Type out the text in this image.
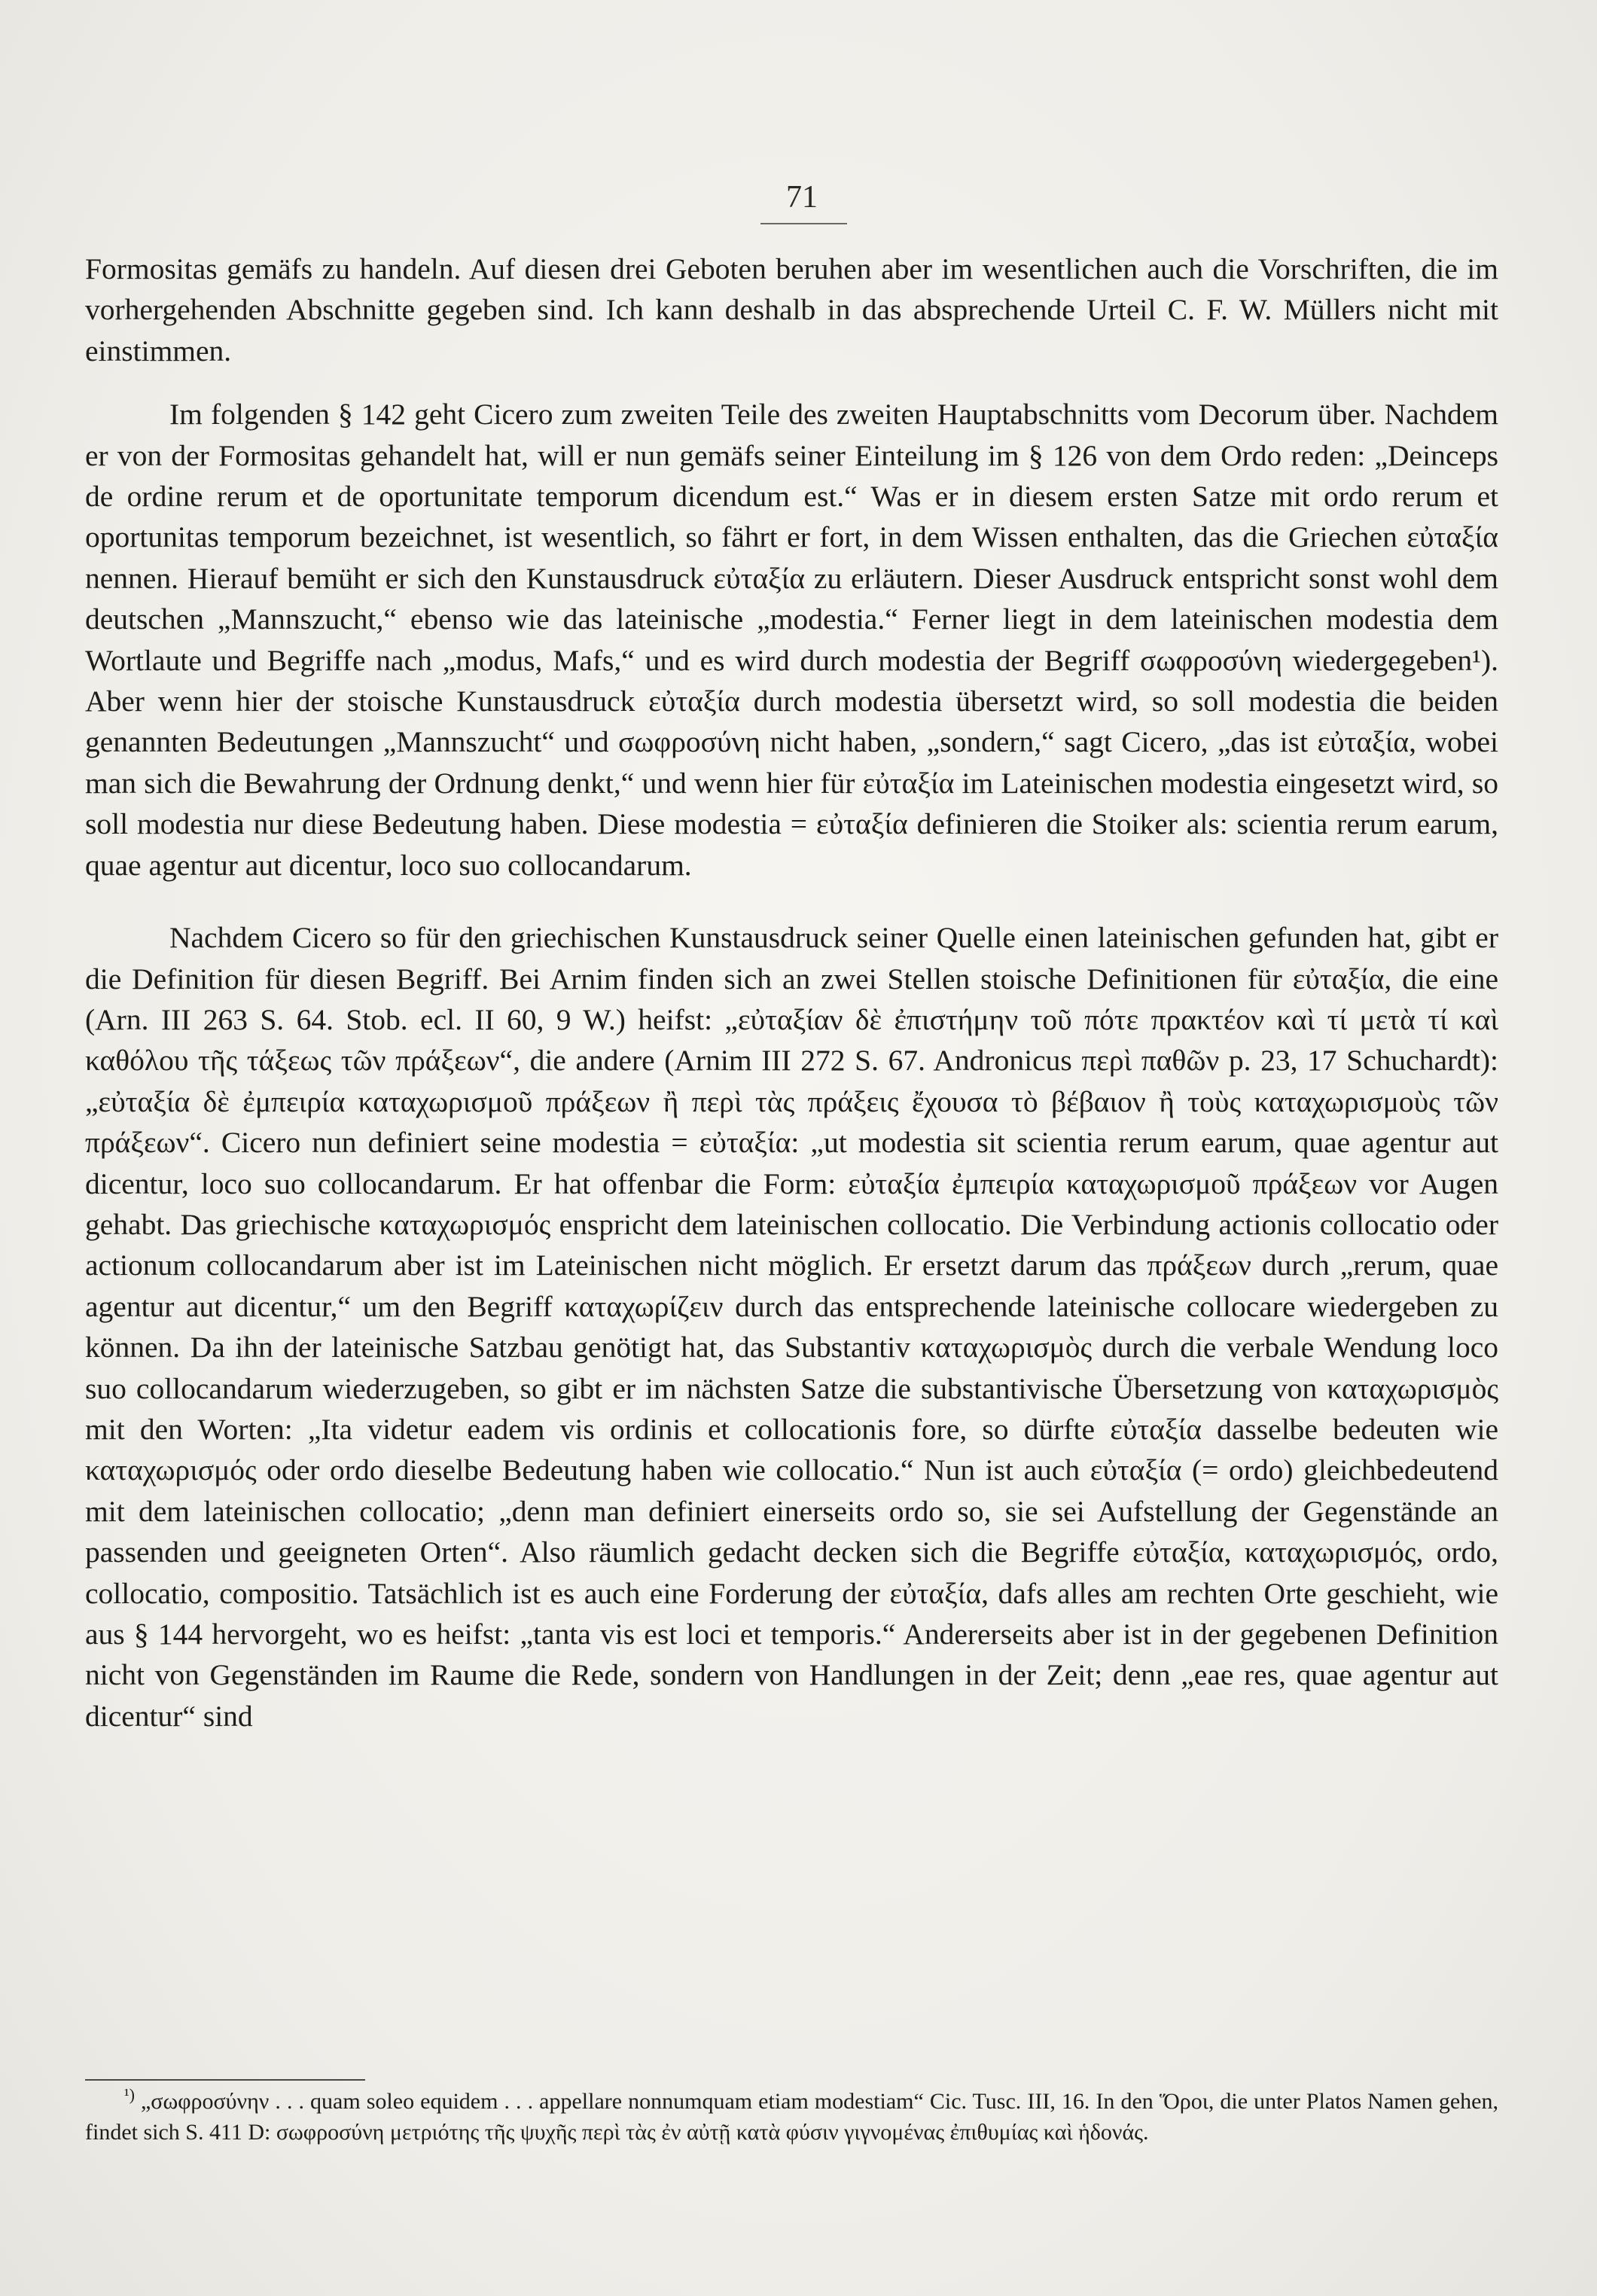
71

Formositas gemäfs zu handeln. Auf diesen drei Geboten beruhen aber im wesentlichen auch die Vorschriften, die im vorhergehenden Abschnitte gegeben sind. Ich kann deshalb in das absprechende Urteil C. F. W. Müllers nicht mit einstimmen.

Im folgenden § 142 geht Cicero zum zweiten Teile des zweiten Hauptabschnitts vom Decorum über. Nachdem er von der Formositas gehandelt hat, will er nun gemäfs seiner Einteilung im § 126 von dem Ordo reden: „Deinceps de ordine rerum et de oportunitate temporum dicendum est.“ Was er in diesem ersten Satze mit ordo rerum et oportunitas temporum bezeichnet, ist wesentlich, so fährt er fort, in dem Wissen enthalten, das die Griechen εὐταξία nennen. Hierauf bemüht er sich den Kunstausdruck εὐταξία zu erläutern. Dieser Ausdruck entspricht sonst wohl dem deutschen „Mannszucht,“ ebenso wie das lateinische „modestia.“ Ferner liegt in dem lateinischen modestia dem Wortlaute und Begriffe nach „modus, Mafs,“ und es wird durch modestia der Begriff σωφροσύνη wiedergegeben¹). Aber wenn hier der stoische Kunstausdruck εὐταξία durch modestia übersetzt wird, so soll modestia die beiden genannten Bedeutungen „Mannszucht“ und σωφροσύνη nicht haben, „sondern,“ sagt Cicero, „das ist εὐταξία, wobei man sich die Bewahrung der Ordnung denkt,“ und wenn hier für εὐταξία im Lateinischen modestia eingesetzt wird, so soll modestia nur diese Bedeutung haben. Diese modestia = εὐταξία definieren die Stoiker als: scientia rerum earum, quae agentur aut dicentur, loco suo collocandarum.

Nachdem Cicero so für den griechischen Kunstausdruck seiner Quelle einen lateinischen gefunden hat, gibt er die Definition für diesen Begriff. Bei Arnim finden sich an zwei Stellen stoische Definitionen für εὐταξία, die eine (Arn. III 263 S. 64. Stob. ecl. II 60, 9 W.) heifst: „εὐταξίαν δὲ ἐπιστήμην τοῦ πότε πρακτέον καὶ τί μετὰ τί καὶ καθόλου τῆς τάξεως τῶν πράξεων“, die andere (Arnim III 272 S. 67. Andronicus περὶ παθῶν p. 23, 17 Schuchardt): „εὐταξία δὲ ἐμπειρία καταχωρισμοῦ πράξεων ἢ περὶ τὰς πράξεις ἔχουσα τὸ βέβαιον ἢ τοὺς καταχωρισμοὺς τῶν πράξεων“. Cicero nun definiert seine modestia = εὐταξία: „ut modestia sit scientia rerum earum, quae agentur aut dicentur, loco suo collocandarum. Er hat offenbar die Form: εὐταξία ἐμπειρία καταχωρισμοῦ πράξεων vor Augen gehabt. Das griechische καταχωρισμός enspricht dem lateinischen collocatio. Die Verbindung actionis collocatio oder actionum collocandarum aber ist im Lateinischen nicht möglich. Er ersetzt darum das πράξεων durch „rerum, quae agentur aut dicentur,“ um den Begriff καταχωρίζειν durch das entsprechende lateinische collocare wiedergeben zu können. Da ihn der lateinische Satzbau genötigt hat, das Substantiv καταχωρισμὸς durch die verbale Wendung loco suo collocandarum wiederzugeben, so gibt er im nächsten Satze die substantivische Übersetzung von καταχωρισμὸς mit den Worten: „Ita videtur eadem vis ordinis et collocationis fore, so dürfte εὐταξία dasselbe bedeuten wie καταχωρισμός oder ordo dieselbe Bedeutung haben wie collocatio.“ Nun ist auch εὐταξία (= ordo) gleichbedeutend mit dem lateinischen collocatio; „denn man definiert einerseits ordo so, sie sei Aufstellung der Gegenstände an passenden und geeigneten Orten“. Also räumlich gedacht decken sich die Begriffe εὐταξία, καταχωρισμός, ordo, collocatio, compositio. Tatsächlich ist es auch eine Forderung der εὐταξία, dafs alles am rechten Orte geschieht, wie aus § 144 hervorgeht, wo es heifst: „tanta vis est loci et temporis.“ Andererseits aber ist in der gegebenen Definition nicht von Gegenständen im Raume die Rede, sondern von Handlungen in der Zeit; denn „eae res, quae agentur aut dicentur“ sind

$^{^1)}$ „σωφροσύνην . . . quam soleo equidem . . . appellare nonnumquam etiam modestiam“ Cic. Tusc. III, 16. In den Ὅροι, die unter Platos Namen gehen, findet sich S. 411 D: σωφροσύνη μετριότης τῆς ψυχῆς περὶ τὰς ἐν αὐτῇ κατὰ φύσιν γιγνομένας ἐπιθυμίας καὶ ἡδονάς.
